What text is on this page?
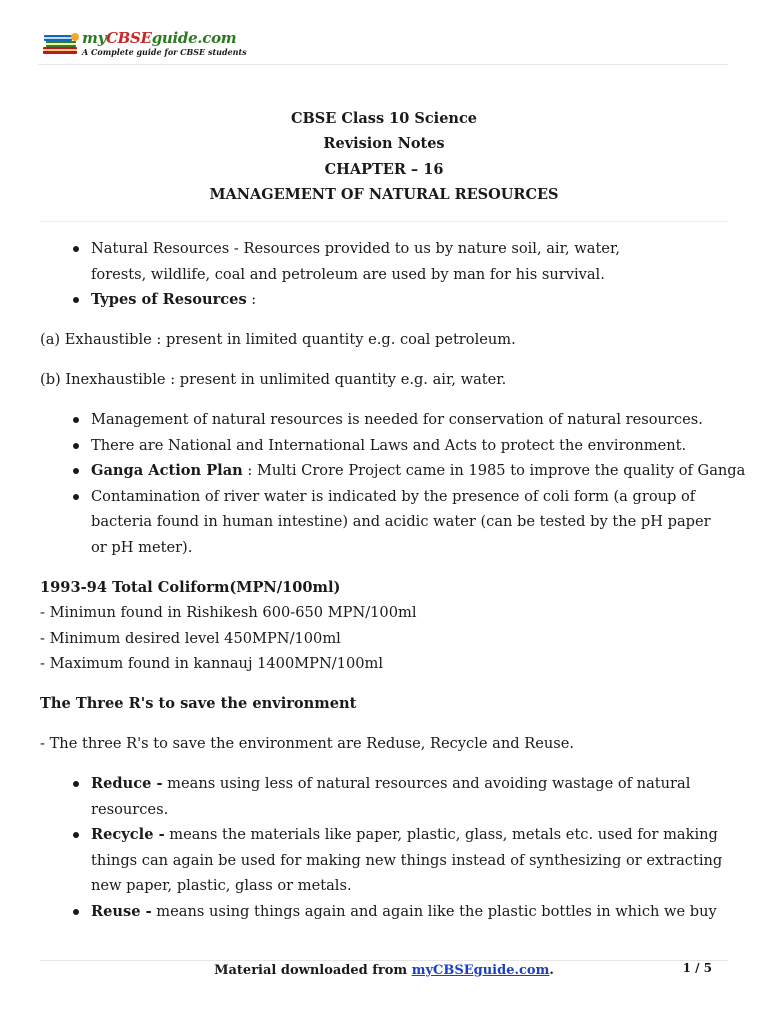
myCBSEguide.com
A Complete guide for CBSE students
CBSE Class 10 Science
Revision Notes
CHAPTER – 16
MANAGEMENT OF NATURAL RESOURCES
Natural Resources - Resources provided to us by nature soil, air, water,
forests, wildlife, coal and petroleum are used by man for his survival.
Types of Resources :

(a) Exhaustible : present in limited quantity e.g. coal petroleum.

(b) Inexhaustible : present in unlimited quantity e.g. air, water.

Management of natural resources is needed for conservation of natural resources.
There are National and International Laws and Acts to protect the environment.
Ganga Action Plan : Multi Crore Project came in 1985 to improve the quality of Ganga
Contamination of river water is indicated by the presence of coli form (a group of
bacteria found in human intestine) and acidic water (can be tested by the pH paper
or pH meter).

1993-94 Total Coliform(MPN/100ml)

- Minimun found in Rishikesh 600-650 MPN/100ml

- Minimum desired level 450MPN/100ml

- Maximum found in kannauj 1400MPN/100ml

The Three R's to save the environment

- The three R's to save the environment are Reduse, Recycle and Reuse.

Reduce - means using less of natural resources and avoiding wastage of natural
resources.
Recycle - means the materials like paper, plastic, glass, metals etc. used for making
things can again be used for making new things instead of synthesizing or extracting
new paper, plastic, glass or metals.
Reuse - means using things again and again like the plastic bottles in which we buy
Material downloaded from myCBSEguide.com.	1 / 5
